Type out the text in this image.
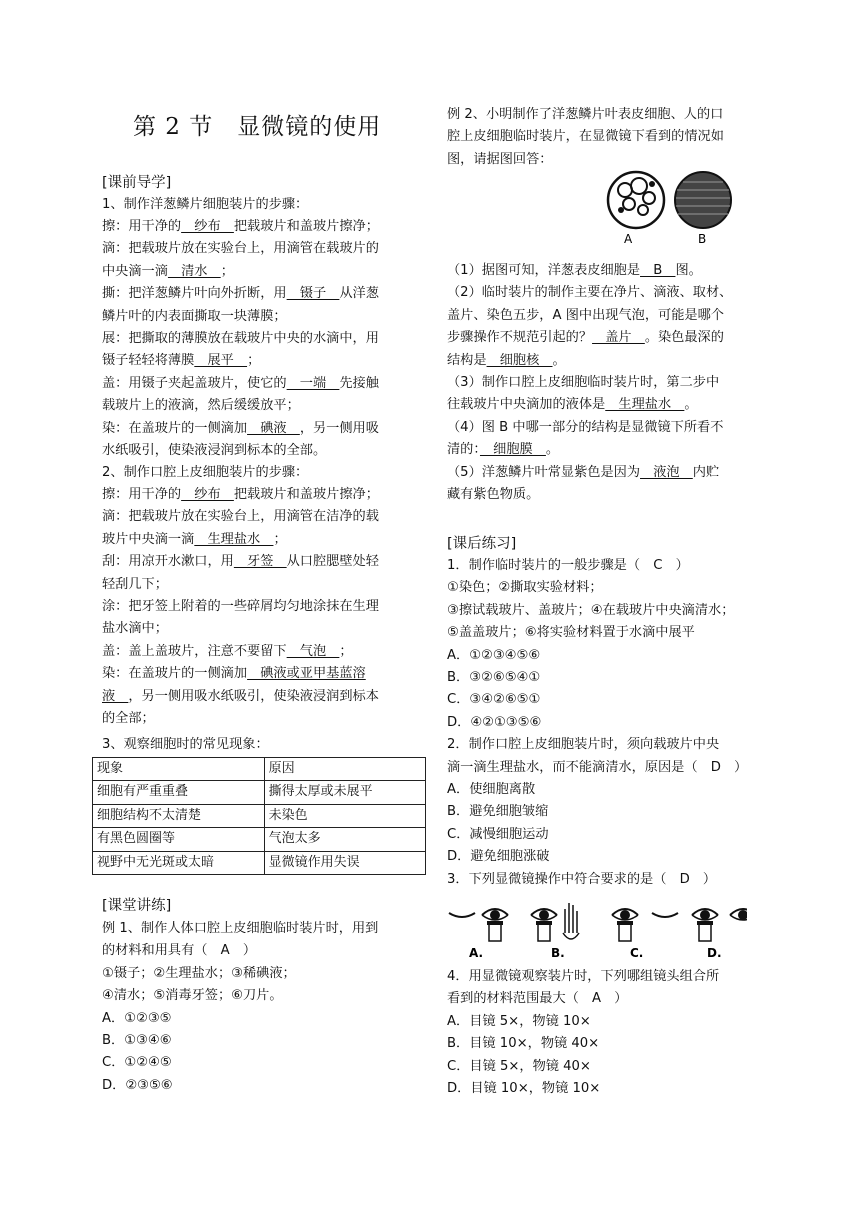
第 2 节　显微镜的使用
[课前导学]
1、制作洋葱鳞片细胞装片的步骤：
擦：用干净的　纱布　把载玻片和盖玻片擦净；
滴：把载玻片放在实验台上，用滴管在载玻片的
中央滴一滴　清水　；
撕：把洋葱鳞片叶向外折断，用　镊子　从洋葱
鳞片叶的内表面撕取一块薄膜；
展：把撕取的薄膜放在载玻片中央的水滴中，用
镊子轻轻将薄膜　展平　；
盖：用镊子夹起盖玻片，使它的　一端　先接触
载玻片上的液滴，然后缓缓放平；
染：在盖玻片的一侧滴加　碘液　，另一侧用吸
水纸吸引，使染液浸润到标本的全部。
2、制作口腔上皮细胞装片的步骤：
擦：用干净的　纱布　把载玻片和盖玻片擦净；
滴：把载玻片放在实验台上，用滴管在洁净的载
玻片中央滴一滴　生理盐水　；
刮：用凉开水漱口，用　牙签　从口腔腮壁处轻
轻刮几下；
涂：把牙签上附着的一些碎屑均匀地涂抹在生理
盐水滴中；
盖：盖上盖玻片，注意不要留下　气泡　；
染：在盖玻片的一侧滴加　碘液或亚甲基蓝溶
液　，另一侧用吸水纸吸引，使染液浸润到标本
的全部；
3、观察细胞时的常见现象：
现象	原因
细胞有严重重叠	撕得太厚或未展平
细胞结构不太清楚	未染色
有黑色圆圈等	气泡太多
视野中无光斑或太暗	显微镜作用失误
[课堂讲练]
例 1、制作人体口腔上皮细胞临时装片时，用到
的材料和用具有（　A　）
①镊子；②生理盐水；③稀碘液；
④清水；⑤消毒牙签；⑥刀片。
A．①②③⑤
B．①③④⑥
C．①②④⑤
D．②③⑤⑥
例 2、小明制作了洋葱鳞片叶表皮细胞、人的口
腔上皮细胞临时装片，在显微镜下看到的情况如
图，请据图回答：
A	B
（1）据图可知，洋葱表皮细胞是　B　图。
（2）临时装片的制作主要在净片、滴液、取材、
盖片、染色五步，A 图中出现气泡，可能是哪个
步骤操作不规范引起的？　盖片　。染色最深的
结构是　细胞核　。
（3）制作口腔上皮细胞临时装片时，第二步中
往载玻片中央滴加的液体是　生理盐水　。
（4）图 B 中哪一部分的结构是显微镜下所看不
清的：　细胞膜　。
（5）洋葱鳞片叶常显紫色是因为　液泡　内贮
藏有紫色物质。
[课后练习]
1．制作临时装片的一般步骤是（　C　）
①染色；②撕取实验材料；
③擦试载玻片、盖玻片；④在载玻片中央滴清水；
⑤盖盖玻片；⑥将实验材料置于水滴中展平
A．①②③④⑤⑥
B．③②⑥⑤④①
C．③④②⑥⑤①
D．④②①③⑤⑥
2．制作口腔上皮细胞装片时，须向载玻片中央
滴一滴生理盐水，而不能滴清水，原因是（　D　）
A．使细胞离散
B．避免细胞皱缩
C．减慢细胞运动
D．避免细胞涨破
3．下列显微镜操作中符合要求的是（　D　）
A.	B.	C.	D.
4．用显微镜观察装片时，下列哪组镜头组合所
看到的材料范围最大（　A　）
A．目镜 5×，物镜 10×
B．目镜 10×，物镜 40×
C．目镜 5×，物镜 40×
D．目镜 10×，物镜 10×
